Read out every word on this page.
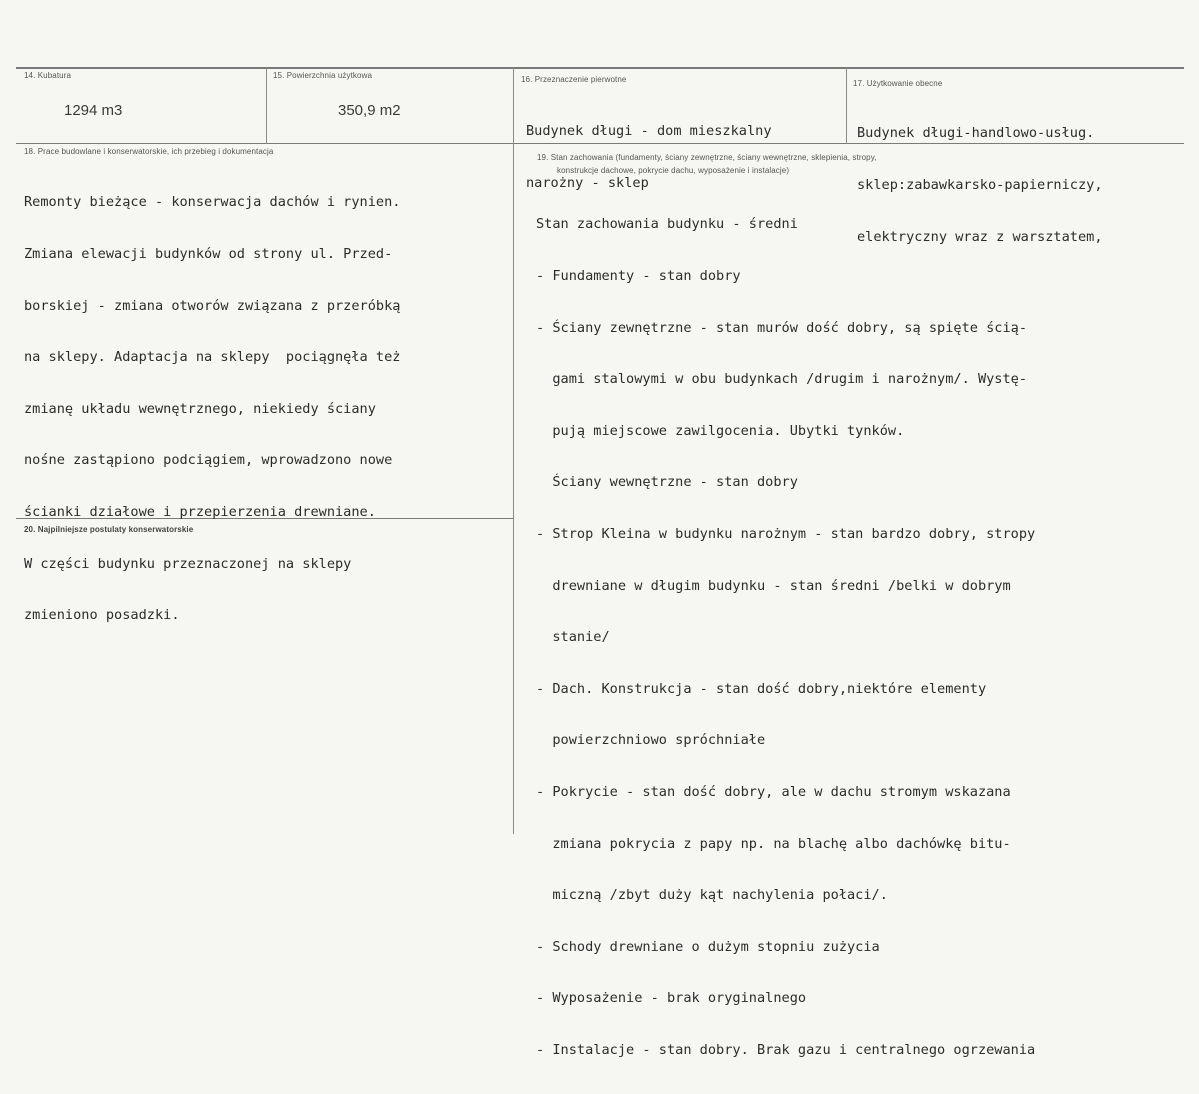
14. Kubatura
1294 m3
15. Powierzchnia użytkowa
350,9 m2
16. Przeznaczenie pierwotne

Budynek długi - dom mieszkalny

narożny - sklep

17. Użytkowanie obecne

Budynek długi-handlowo-usług.

sklep:zabawkarsko-papierniczy,

elektryczny wraz z warsztatem,

18. Prace budowlane i konserwatorskie, ich przebieg i dokumentacja

Remonty bieżące - konserwacja dachów i rynien.

Zmiana elewacji budynków od strony ul. Przed-

borskiej - zmiana otworów związana z przeróbką

na sklepy. Adaptacja na sklepy  pociągnęła też

zmianę układu wewnętrznego, niekiedy ściany

nośne zastąpiono podciągiem, wprowadzono nowe

ścianki działowe i przepierzenia drewniane.

W części budynku przeznaczonej na sklepy

zmieniono posadzki.

19. Stan zachowania (fundamenty, ściany zewnętrzne, ściany wewnętrzne, sklepienia, stropy,
konstrukcje dachowe, pokrycie dachu, wyposażenie i instalacje)

Stan zachowania budynku - średni

- Fundamenty - stan dobry

- Ściany zewnętrzne - stan murów dość dobry, są spięte ścią-

gami stalowymi w obu budynkach /drugim i narożnym/. Wystę-

pują miejscowe zawilgocenia. Ubytki tynków.

Ściany wewnętrzne - stan dobry

- Strop Kleina w budynku narożnym - stan bardzo dobry, stropy

drewniane w długim budynku - stan średni /belki w dobrym

stanie/

- Dach. Konstrukcja - stan dość dobry,niektóre elementy

powierzchniowo spróchniałe

- Pokrycie - stan dość dobry, ale w dachu stromym wskazana

zmiana pokrycia z papy np. na blachę albo dachówkę bitu-

miczną /zbyt duży kąt nachylenia połaci/.

- Schody drewniane o dużym stopniu zużycia

- Wyposażenie - brak oryginalnego

- Instalacje - stan dobry. Brak gazu i centralnego ogrzewania

20. Najpilniejsze postulaty konserwatorskie
